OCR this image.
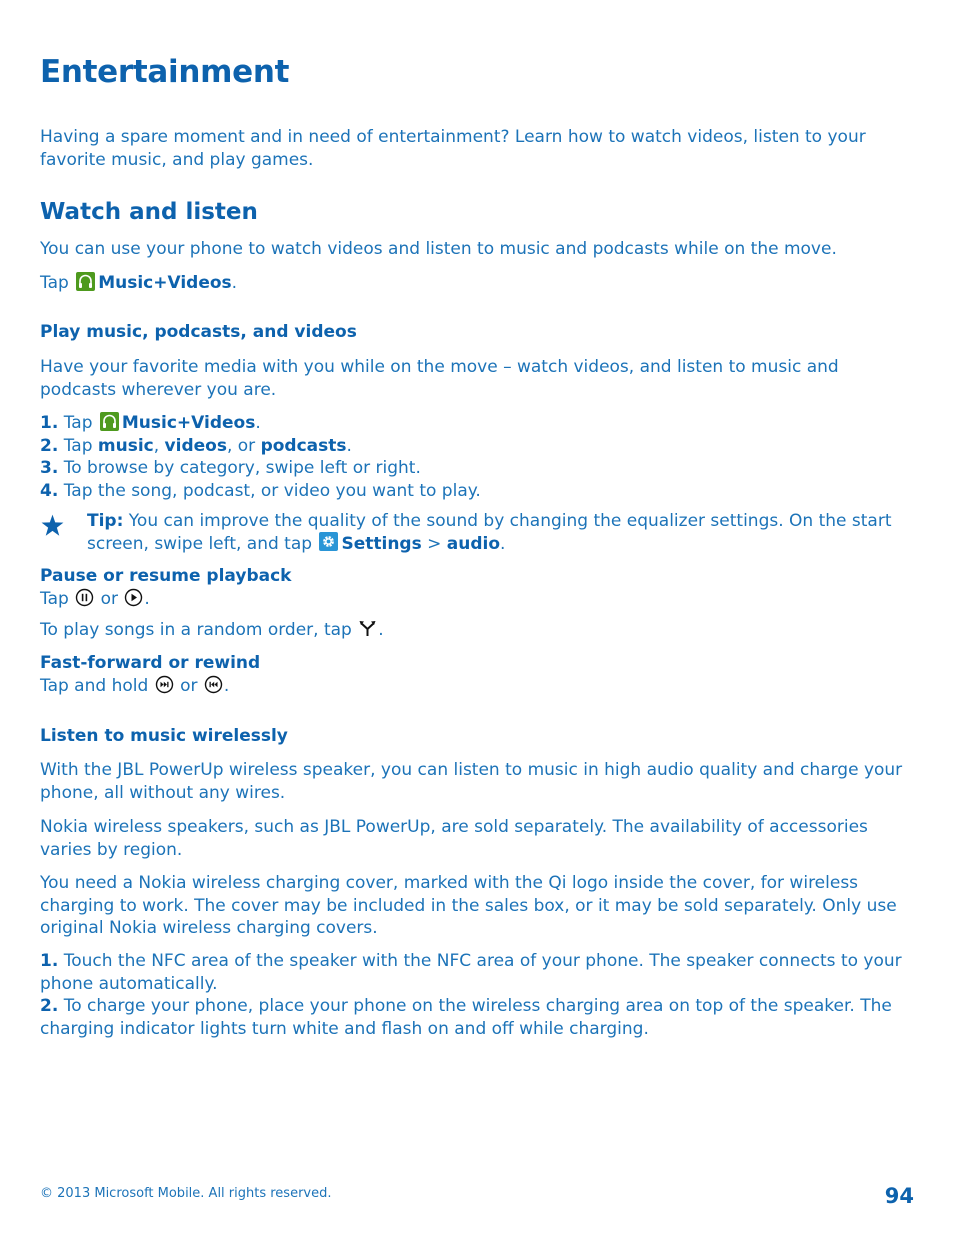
Entertainment

Having a spare moment and in need of entertainment? Learn how to watch videos, listen to your favorite music, and play games.

Watch and listen

You can use your phone to watch videos and listen to music and podcasts while on the move.

Tap Music+Videos.

Play music, podcasts, and videos

Have your favorite media with you while on the move – watch videos, and listen to music and podcasts wherever you are.

1. Tap Music+Videos.
2. Tap music, videos, or podcasts.
3. To browse by category, swipe left or right.
4. Tap the song, podcast, or video you want to play.

Tip: You can improve the quality of the sound by changing the equalizer settings. On the start screen, swipe left, and tap Settings > audio.

Pause or resume playback

Tap or .

To play songs in a random order, tap .

Fast-forward or rewind

Tap and hold or .

Listen to music wirelessly

With the JBL PowerUp wireless speaker, you can listen to music in high audio quality and charge your phone, all without any wires.

Nokia wireless speakers, such as JBL PowerUp, are sold separately. The availability of accessories varies by region.

You need a Nokia wireless charging cover, marked with the Qi logo inside the cover, for wireless charging to work. The cover may be included in the sales box, or it may be sold separately. Only use original Nokia wireless charging covers.

1. Touch the NFC area of the speaker with the NFC area of your phone. The speaker connects to your phone automatically.
2. To charge your phone, place your phone on the wireless charging area on top of the speaker. The charging indicator lights turn white and flash on and off while charging.

© 2013 Microsoft Mobile. All rights reserved.	94
